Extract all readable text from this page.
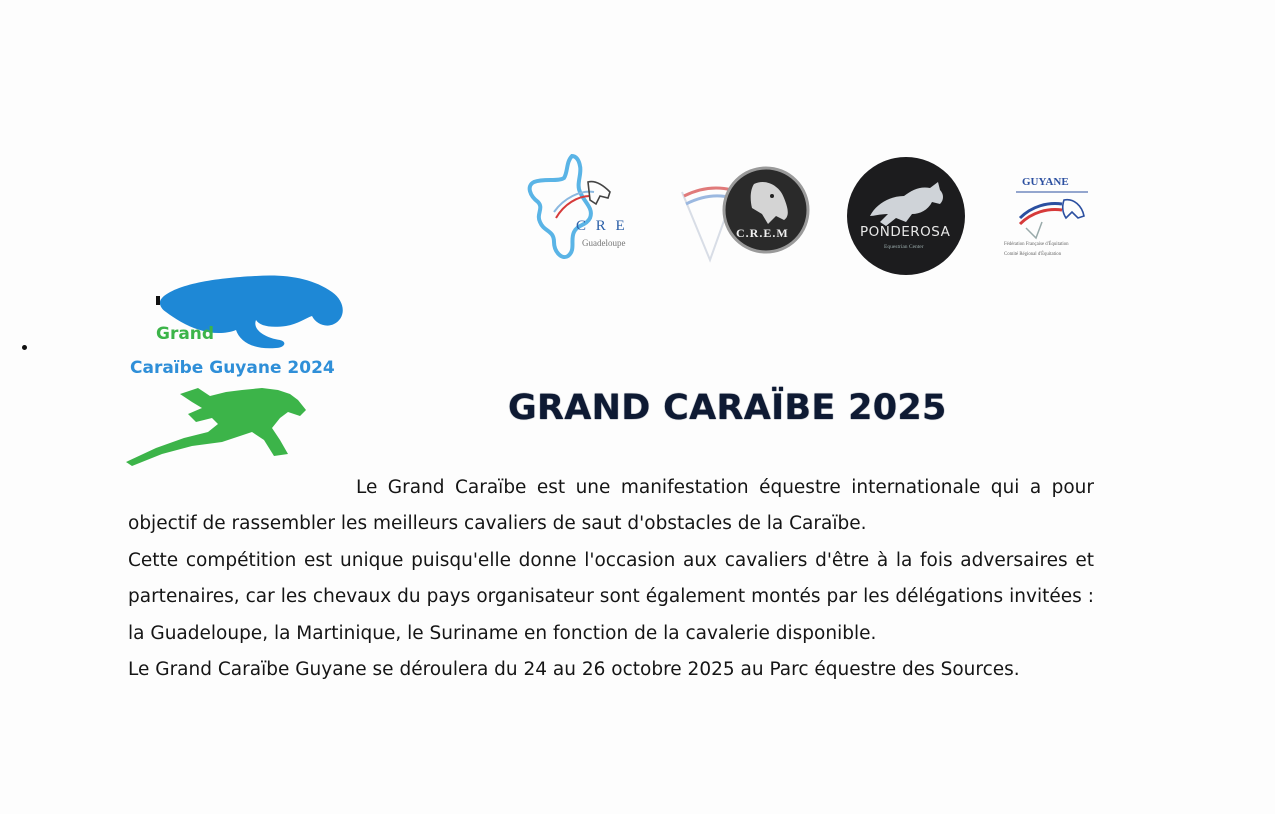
C R E
Guadeloupe
C.R.E.M	PONDEROSA
Equestrian Center
GUYANE
Fédération Française d'Équitation
Comité Régional d'Équitation
Grand
Caraïbe Guyane 2024
GRAND CARAÏBE 2025

Le Grand Caraïbe est une manifestation équestre internationale qui a pour objectif de rassembler les meilleurs cavaliers de saut d'obstacles de la Caraïbe.

Cette compétition est unique puisqu'elle donne l'occasion aux cavaliers d'être à la fois adversaires et partenaires, car les chevaux du pays organisateur sont également montés par les délégations invitées : la Guadeloupe, la Martinique, le Suriname en fonction de la cavalerie disponible.

Le Grand Caraïbe Guyane se déroulera du 24 au 26 octobre 2025 au Parc équestre des Sources.
